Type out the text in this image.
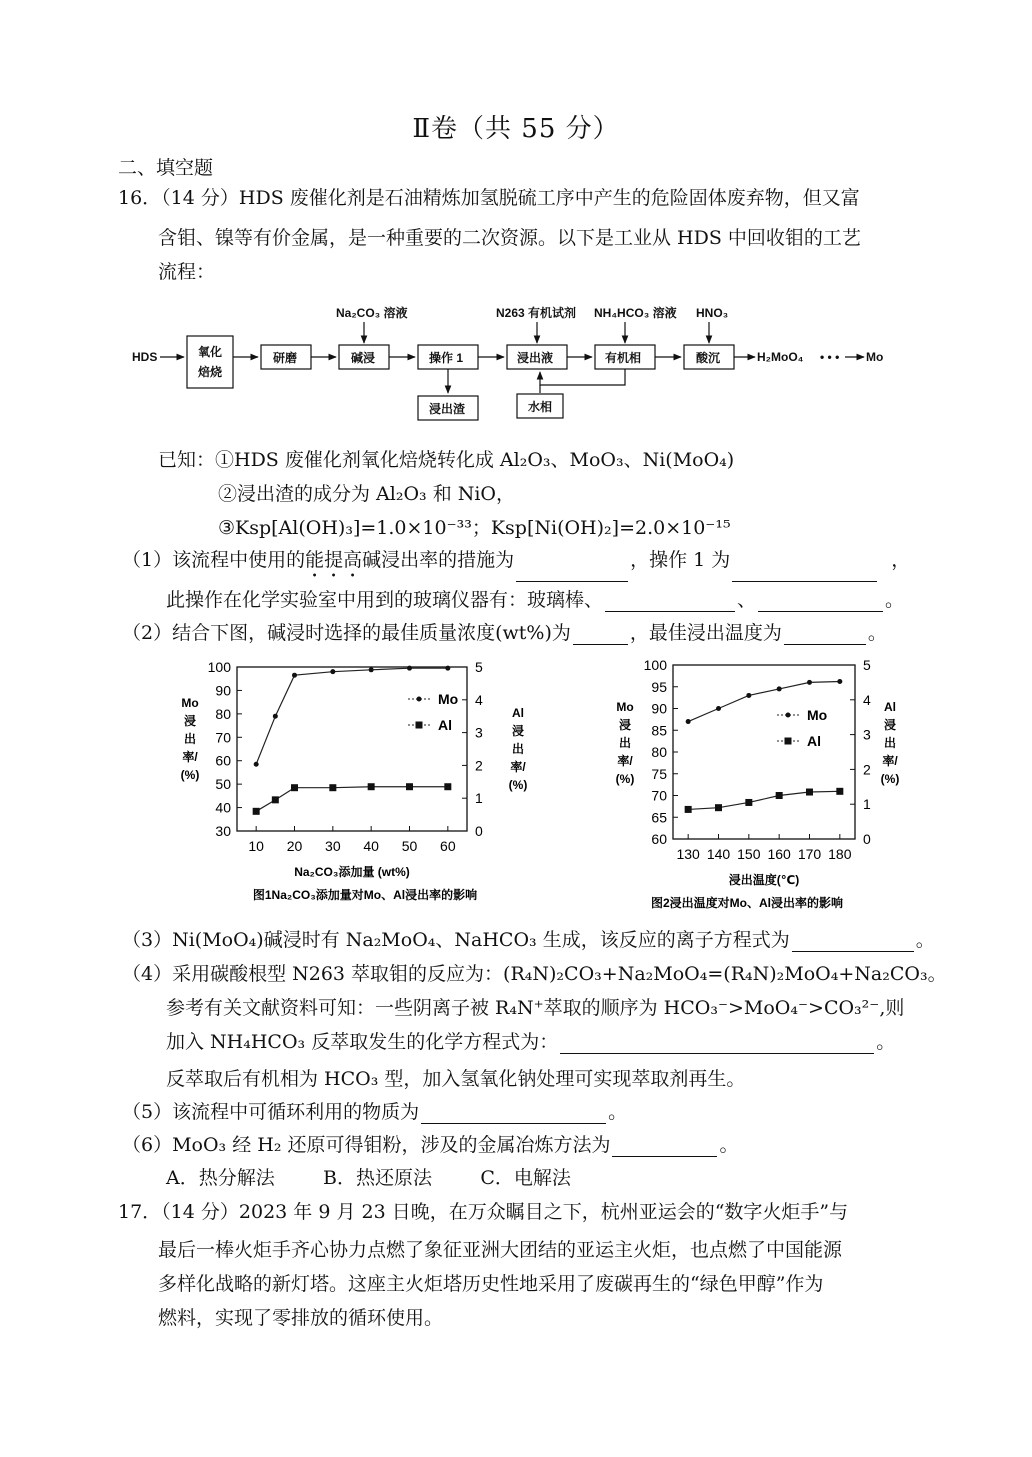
Ⅱ卷（共 55 分）
二、填空题
16．（14 分）HDS 废催化剂是石油精炼加氢脱硫工序中产生的危险固体废弃物，但又富
含钼、镍等有价金属，是一种重要的二次资源。以下是工业从 HDS 中回收钼的工艺
流程：
HDS	氧化
焙烧
研磨	碱浸
Na₂CO₃ 溶液
操作 1
浸出渣
浸出液
N263 有机试剂
有机相
NH₄HCO₃ 溶液
水相
酸沉
HNO₃
H₂MoO₄ • • • Mo
已知：①HDS 废催化剂氧化焙烧转化成 Al₂O₃、MoO₃、Ni(MoO₄)
②浸出渣的成分为 Al₂O₃ 和 NiO，
③Ksp[Al(OH)₃]=1.0×10⁻³³；Ksp[Ni(OH)₂]=2.0×10⁻¹⁵
（1）该流程中使用的能提高碱浸出率的措施为	，操作 1 为	，
此操作在化学实验室中用到的玻璃仪器有：玻璃棒、	、	。
（2）结合下图，碱浸时选择的最佳质量浓度(wt%)为	，最佳浸出温度为	。
30
40
50
60
70
80
90
100
0
1
2
3
4
5
10 20 30 40 50 60
Mo
浸
出
率/
(%)
Al
浸
出
率/
(%)
Na₂CO₃添加量 (wt%)
图1Na₂CO₃添加量对Mo、Al浸出率的影响
Mo
Al
60
65
70
75
80
85
90
95
100
0
1
2
3
4
5
130 140 150 160 170 180
Mo
浸
出
率/
(%)
Al
浸
出
率/
(%)
浸出温度(℃)
图2浸出温度对Mo、Al浸出率的影响
Mo
Al
（3）Ni(MoO₄)碱浸时有 Na₂MoO₄、NaHCO₃ 生成，该反应的离子方程式为	。
（4）采用碳酸根型 N263 萃取钼的反应为：(R₄N)₂CO₃+Na₂MoO₄=(R₄N)₂MoO₄+Na₂CO₃。
参考有关文献资料可知：一些阴离子被 R₄N⁺萃取的顺序为 HCO₃⁻>MoO₄⁻>CO₃²⁻,则
加入 NH₄HCO₃ 反萃取发生的化学方程式为：	。
反萃取后有机相为 HCO₃ 型，加入氢氧化钠处理可实现萃取剂再生。
（5）该流程中可循环利用的物质为	。
（6）MoO₃ 经 H₂ 还原可得钼粉，涉及的金属冶炼方法为	。
A．热分解法        B．热还原法        C．电解法
17．（14 分）2023 年 9 月 23 日晚，在万众瞩目之下，杭州亚运会的“数字火炬手”与
最后一棒火炬手齐心协力点燃了象征亚洲大团结的亚运主火炬，也点燃了中国能源
多样化战略的新灯塔。这座主火炬塔历史性地采用了废碳再生的“绿色甲醇”作为
燃料，实现了零排放的循环使用。
